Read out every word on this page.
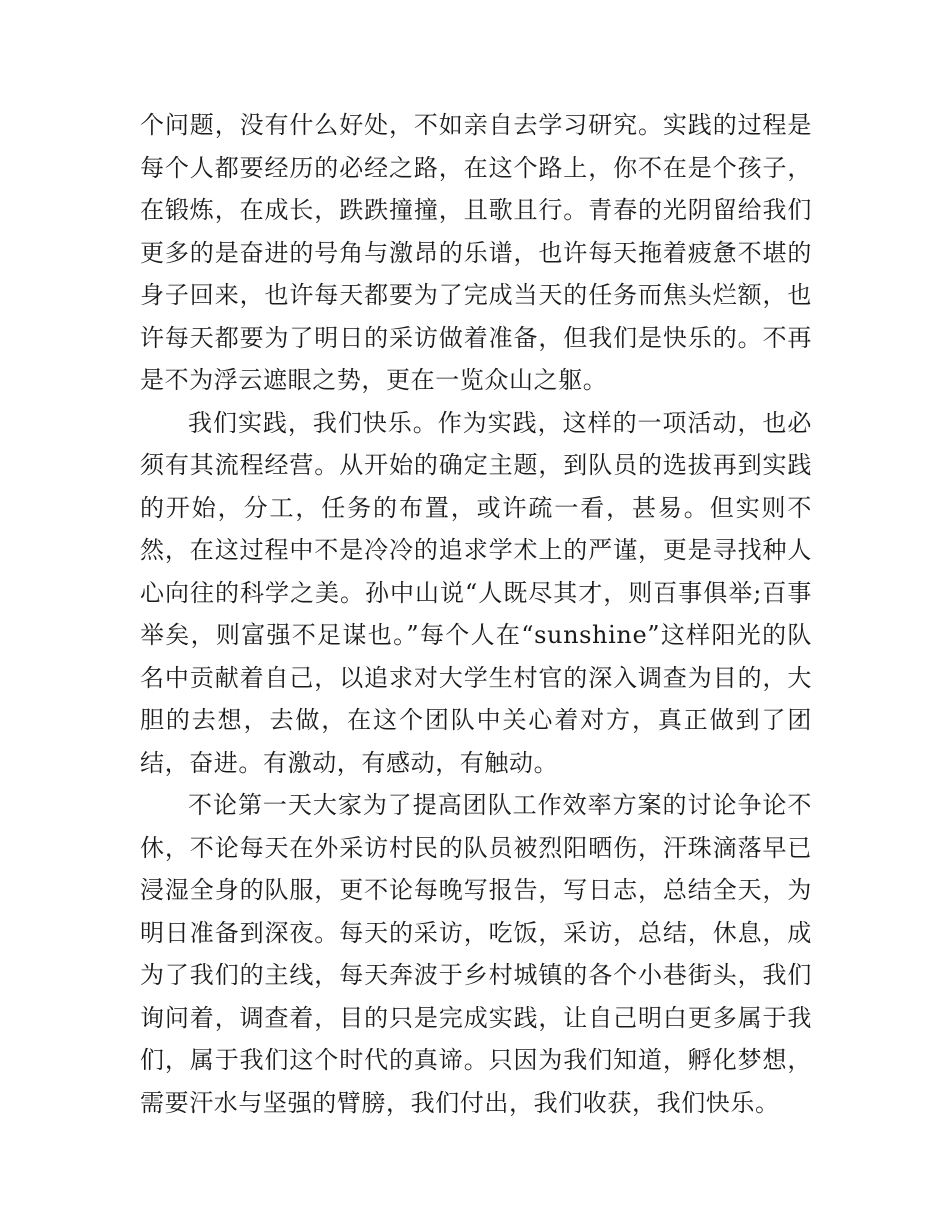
个问题，没有什么好处，不如亲自去学习研究。实践的过程是每个人都要经历的必经之路，在这个路上，你不在是个孩子，在锻炼，在成长，跌跌撞撞，且歌且行。青春的光阴留给我们更多的是奋进的号角与激昂的乐谱，也许每天拖着疲惫不堪的身子回来，也许每天都要为了完成当天的任务而焦头烂额，也许每天都要为了明日的采访做着准备，但我们是快乐的。不再是不为浮云遮眼之势，更在一览众山之躯。

我们实践，我们快乐。作为实践，这样的一项活动，也必须有其流程经营。从开始的确定主题，到队员的选拔再到实践的开始，分工，任务的布置，或许疏一看，甚易。但实则不然，在这过程中不是冷冷的追求学术上的严谨，更是寻找种人心向往的科学之美。孙中山说“人既尽其才，则百事俱举;百事举矣，则富强不足谋也。”每个人在“sunshine”这样阳光的队名中贡献着自己，以追求对大学生村官的深入调查为目的，大胆的去想，去做，在这个团队中关心着对方，真正做到了团结，奋进。有激动，有感动，有触动。

不论第一天大家为了提高团队工作效率方案的讨论争论不休，不论每天在外采访村民的队员被烈阳晒伤，汗珠滴落早已浸湿全身的队服，更不论每晚写报告，写日志，总结全天，为明日准备到深夜。每天的采访，吃饭，采访，总结，休息，成为了我们的主线，每天奔波于乡村城镇的各个小巷街头，我们询问着，调查着，目的只是完成实践，让自己明白更多属于我们，属于我们这个时代的真谛。只因为我们知道，孵化梦想，需要汗水与坚强的臂膀，我们付出，我们收获，我们快乐。
